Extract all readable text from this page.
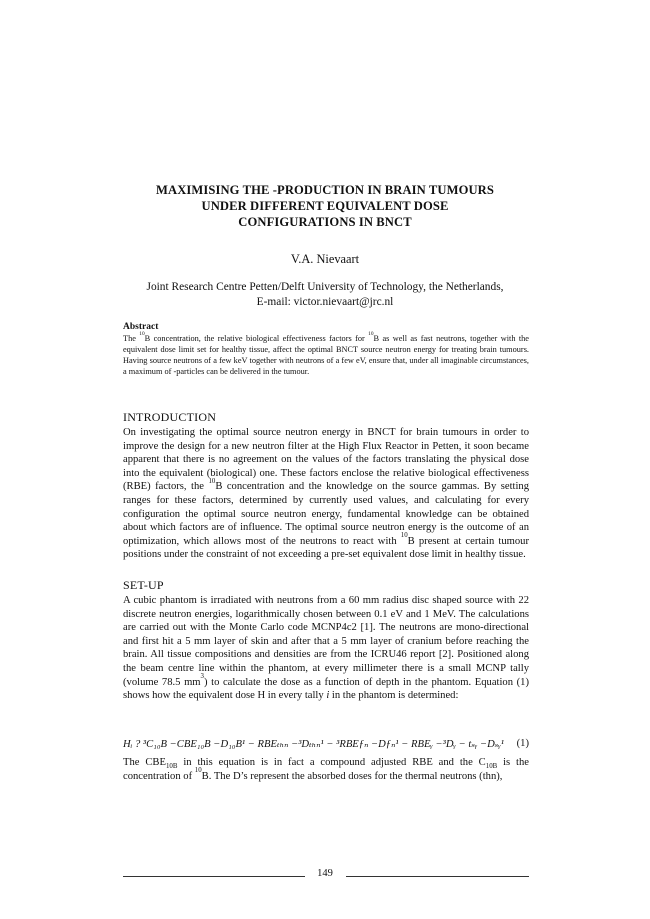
MAXIMISING THE -PRODUCTION IN BRAIN TUMOURS
UNDER DIFFERENT EQUIVALENT DOSE
CONFIGURATIONS IN BNCT
V.A. Nievaart
Joint Research Centre Petten/Delft University of Technology, the Netherlands,
E-mail: victor.nievaart@jrc.nl
Abstract
The $^{10}$B concentration, the relative biological effectiveness factors for $^{10}$B as well as fast neutrons, together with the equivalent dose limit set for healthy tissue, affect the optimal BNCT source neutron energy for treating brain tumours. Having source neutrons of a few keV together with neutrons of a few eV, ensure that, under all imaginable circumstances, a maximum of -particles can be delivered in the tumour.
INTRODUCTION
On investigating the optimal source neutron energy in BNCT for brain tumours in order to improve the design for a new neutron filter at the High Flux Reactor in Petten, it soon became apparent that there is no agreement on the values of the factors translating the physical dose into the equivalent (biological) one. These factors enclose the relative biological effectiveness (RBE) factors, the $^{10}$B concentration and the knowledge on the source gammas. By setting ranges for these factors, determined by currently used values, and calculating for every configuration the optimal source neutron energy, fundamental knowledge can be obtained about which factors are of influence. The optimal source neutron energy is the outcome of an optimization, which allows most of the neutrons to react with $^{10}$B present at certain tumour positions under the constraint of not exceeding a pre-set equivalent dose limit in healthy tissue.
SET-UP
A cubic phantom is irradiated with neutrons from a 60 mm radius disc shaped source with 22 discrete neutron energies, logarithmically chosen between 0.1 eV and 1 MeV. The calculations are carried out with the Monte Carlo code MCNP4c2 [1]. The neutrons are mono-directional and first hit a 5 mm layer of skin and after that a 5 mm layer of cranium before reaching the brain. All tissue compositions and densities are from the ICRU46 report [2]. Positioned along the beam centre line within the phantom, at every millimeter there is a small MCNP tally (volume 78.5 $mm^3$) to calculate the dose as a function of depth in the phantom. Equation (1) shows how the equivalent dose H in every tally i in the phantom is determined:
Hᵢ ? ³C₁₀B −CBE₁₀B −D₁₀B¹ − RBEₜₕₙ −³Dₜₕₙ¹ − ³RBEƒₙ −Dƒₙ¹ − RBEᵧ −³Dᵧ − tₛᵧ −Dₛᵧ¹ (1)
The $CBE_{10B}$ in this equation is in fact a compound adjusted RBE and the $C_{10B}$ is the concentration of $^{10}$B. The D’s represent the absorbed doses for the thermal neutrons (thn),
149
